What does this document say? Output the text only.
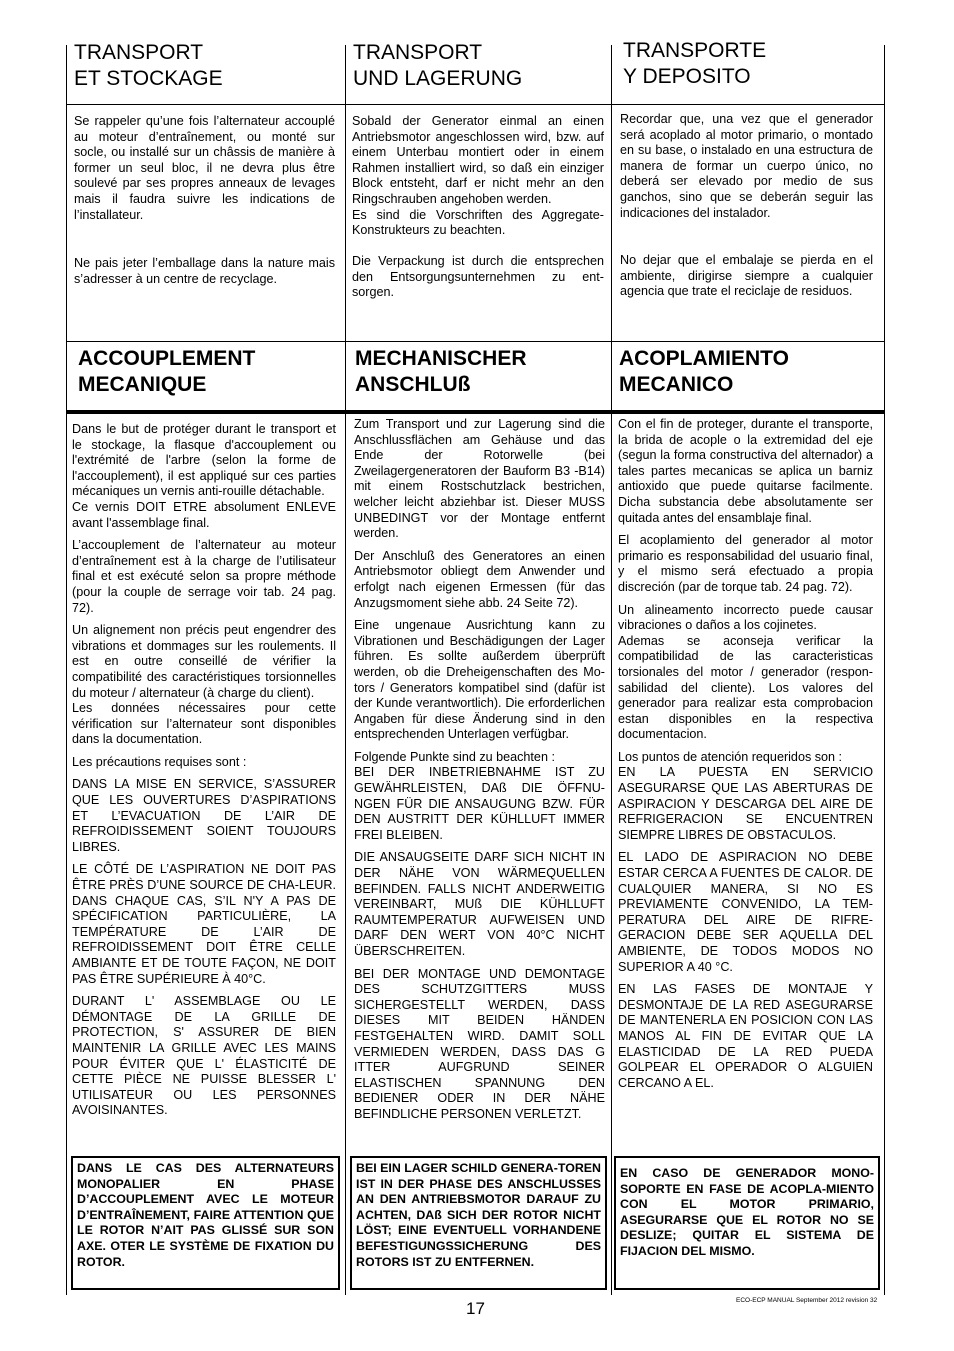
TRANSPORT
ET STOCKAGE

Se rappeler qu’une fois l’alternateur accouplé au moteur d’entraînement, ou monté sur socle, ou installé sur un châssis de manière à former un seul bloc, il ne devra plus être soulevé par ses propres anneaux de levages mais il faudra suivre les indications de l’installateur.

Ne pais jeter l’emballage dans la nature mais s’adresser à un centre de recyclage.

ACCOUPLEMENT
MECANIQUE

Dans le but de protéger durant le transport et le stockage, la flasque d'accouplement ou l'extrémité de l'arbre (selon la forme de l'accouplement), il est appliqué sur ces parties mécaniques un vernis anti-rouille détachable.

Ce vernis DOIT ETRE absolument ENLEVE avant l'assemblage final.

L’accouplement de l’alternateur au moteur d’entraînement est à la charge de l’utilisateur final et est exécuté selon sa propre méthode (pour la couple de serrage voir tab. 24 pag. 72).

Un alignement non précis peut engendrer des vibrations et dommages sur les roulements. Il est en outre conseillé de vérifier la compatibilité des caractéristiques torsionnelles du moteur / alternateur (à charge du client).

Les données nécessaires pour cette vérification sur l’alternateur sont disponibles dans la documentation.

Les précautions requises sont :

DANS LA MISE EN SERVICE, S’ASSURER QUE LES OUVERTURES D’ASPIRATIONS ET L’EVACUATION DE L’AIR DE REFROIDISSEMENT SOIENT TOUJOURS LIBRES.

LE CÔTÉ DE L’ASPIRATION NE DOIT PAS ÊTRE PRÈS D’UNE SOURCE DE CHA-LEUR. DANS CHAQUE CAS, S’IL N'Y A PAS DE SPÉCIFICATION PARTICULIÈRE, LA TEMPÉRATURE DE L’AIR DE REFROIDISSEMENT DOIT ÊTRE CELLE AMBIANTE ET DE TOUTE FAÇON, NE DOIT PAS ÊTRE SUPÉRIEURE À 40°C.

DURANT L' ASSEMBLAGE OU LE DÉMONTAGE DE LA GRILLE DE PROTECTION, S' ASSURER DE BIEN MAINTENIR LA GRILLE AVEC LES MAINS POUR ÉVITER QUE L' ÉLASTICITÉ DE CETTE PIÈCE NE PUISSE BLESSER L' UTILISATEUR OU LES PERSONNES AVOISINANTES.

DANS LE CAS DES ALTERNATEURS MONOPALIER EN PHASE D’ACCOUPLEMENT AVEC LE MOTEUR D’ENTRAÎNEMENT, FAIRE ATTENTION QUE LE ROTOR N’AIT PAS GLISSÉ SUR SON AXE. OTER LE SYSTÈME DE FIXATION DU ROTOR.
TRANSPORT
UND LAGERUNG

Sobald der Generator einmal an einen Antriebsmotor angeschlossen wird, bzw. auf einem Unterbau montiert oder in einem Rahmen installiert wird, so daß ein einziger Block entsteht, darf er nicht mehr an den Ringschrauben angehoben werden.

Es sind die Vorschriften des Aggregate-Konstrukteurs zu beachten.

Die Verpackung ist durch die entsprechen den Entsorgungsunternehmen zu ent-sorgen.

MECHANISCHER
ANSCHLUß

Zum Transport und zur Lagerung sind die Anschlussflächen am Gehäuse und das Ende der Rotorwelle (bei Zweilagergeneratoren der Bauform B3 -B14) mit einem Rostschutzlack bestrichen, welcher leicht abziehbar ist. Dieser MUSS UNBEDINGT vor der Montage entfernt werden.

Der Anschluß des Generatores an einen Antriebsmotor obliegt dem Anwender und erfolgt nach eigenen Ermessen (für das Anzugsmoment siehe abb. 24 Seite 72).

Eine ungenaue Ausrichtung kann zu Vibrationen und Beschädigungen der Lager führen. Es sollte außerdem überprüft werden, ob die Dreheigenschaften des Mo-tors / Generators kompatibel sind (dafür ist der Kunde verantwortlich). Die erforderlichen Angaben für diese Änderung sind in den entsprechenden Unterlagen verfügbar.

Folgende Punkte sind zu beachten :

BEI DER INBETRIEBNAHME IST ZU GEWÄHRLEISTEN, DAß DIE ÖFFNU-NGEN FÜR DIE ANSAUGUNG BZW. FÜR DEN AUSTRITT DER KÜHLLUFT IMMER FREI BLEIBEN.

DIE ANSAUGSEITE DARF SICH NICHT IN DER NÄHE VON WÄRMEQUELLEN BEFINDEN. FALLS NICHT ANDERWEITIG VEREINBART, MUß DIE KÜHLLUFT RAUMTEMPERATUR AUFWEISEN UND DARF DEN WERT VON 40°C NICHT ÜBERSCHREITEN.

BEI DER MONTAGE UND DEMONTAGE DES SCHUTZGITTERS MUSS SICHERGESTELLT WERDEN, DASS DIESES MIT BEIDEN HÄNDEN FESTGEHALTEN WIRD. DAMIT SOLL VERMIEDEN WERDEN, DASS DAS G ITTER AUFGRUND SEINER ELASTISCHEN SPANNUNG DEN BEDIENER ODER IN DER NÄHE BEFINDLICHE PERSONEN VERLETZT.

BEI EIN LAGER SCHILD GENERA-TOREN IST IN DER PHASE DES ANSCHLUSSES AN DEN ANTRIEBSMOTOR DARAUF ZU ACHTEN, DAß SICH DER ROTOR NICHT LÖST; EINE EVENTUELL VORHANDENE BEFESTIGUNGSSICHERUNG DES ROTORS IST ZU ENTFERNEN.
TRANSPORTE
Y DEPOSITO

Recordar que, una vez que el generador será acoplado al motor primario, o montado en su base, o instalado en una estructura de manera de formar un cuerpo único, no deberá ser elevado por medio de sus ganchos, sino que se deberán seguir las indicaciones del instalador.

No dejar que el embalaje se pierda en el ambiente, dirigirse siempre a cualquier agencia que trate el reciclaje de residuos.

ACOPLAMIENTO
MECANICO

Con el fin de proteger, durante el transporte, la brida de acople o la extremidad del eje (segun la forma constructiva del alternador) a tales partes mecanicas se aplica un barniz antioxido que puede quitarse facilmente. Dicha substancia debe absolutamente ser quitada antes del ensamblaje final.

El acoplamiento del generador al motor primario es responsabilidad del usuario final, y el mismo será efectuado a propia discreción (par de torque tab. 24 pag. 72).

Un alineamento incorrecto puede causar vibraciones o daños a los cojinetes.

Ademas se aconseja verificar la compatibilidad de las caracteristicas torsionales del motor / generador (respon-sabilidad del cliente). Los valores del generador para realizar esta comprobacion estan disponibles en la respectiva documentacion.

Los puntos de atención requeridos son :

EN LA PUESTA EN SERVICIO ASEGURARSE QUE LAS ABERTURAS DE ASPIRACION Y DESCARGA DEL AIRE DE REFRIGERACION SE ENCUENTREN SIEMPRE LIBRES DE OBSTACULOS.

EL LADO DE ASPIRACION NO DEBE ESTAR CERCA A FUENTES DE CALOR. DE CUALQUIER MANERA, SI NO ES PREVIAMENTE CONVENIDO, LA TEM-PERATURA DEL AIRE DE RIFRE-GERACION DEBE SER AQUELLA DEL AMBIENTE, DE TODOS MODOS NO SUPERIOR A 40 °C.

EN LAS FASES DE MONTAJE Y DESMONTAJE DE LA RED ASEGURARSE DE MANTENERLA EN POSICION CON LAS MANOS AL FIN DE EVITAR QUE LA ELASTICIDAD DE LA RED PUEDA GOLPEAR EL OPERADOR O ALGUIEN CERCANO A EL.

EN CASO DE GENERADOR MONO-SOPORTE EN FASE DE ACOPLA-MIENTO CON EL MOTOR PRIMARIO, ASEGURARSE QUE EL ROTOR NO SE DESLIZE; QUITAR EL SISTEMA DE FIJACION DEL MISMO.
17	ECO-ECP MANUAL September 2012 revision 32
